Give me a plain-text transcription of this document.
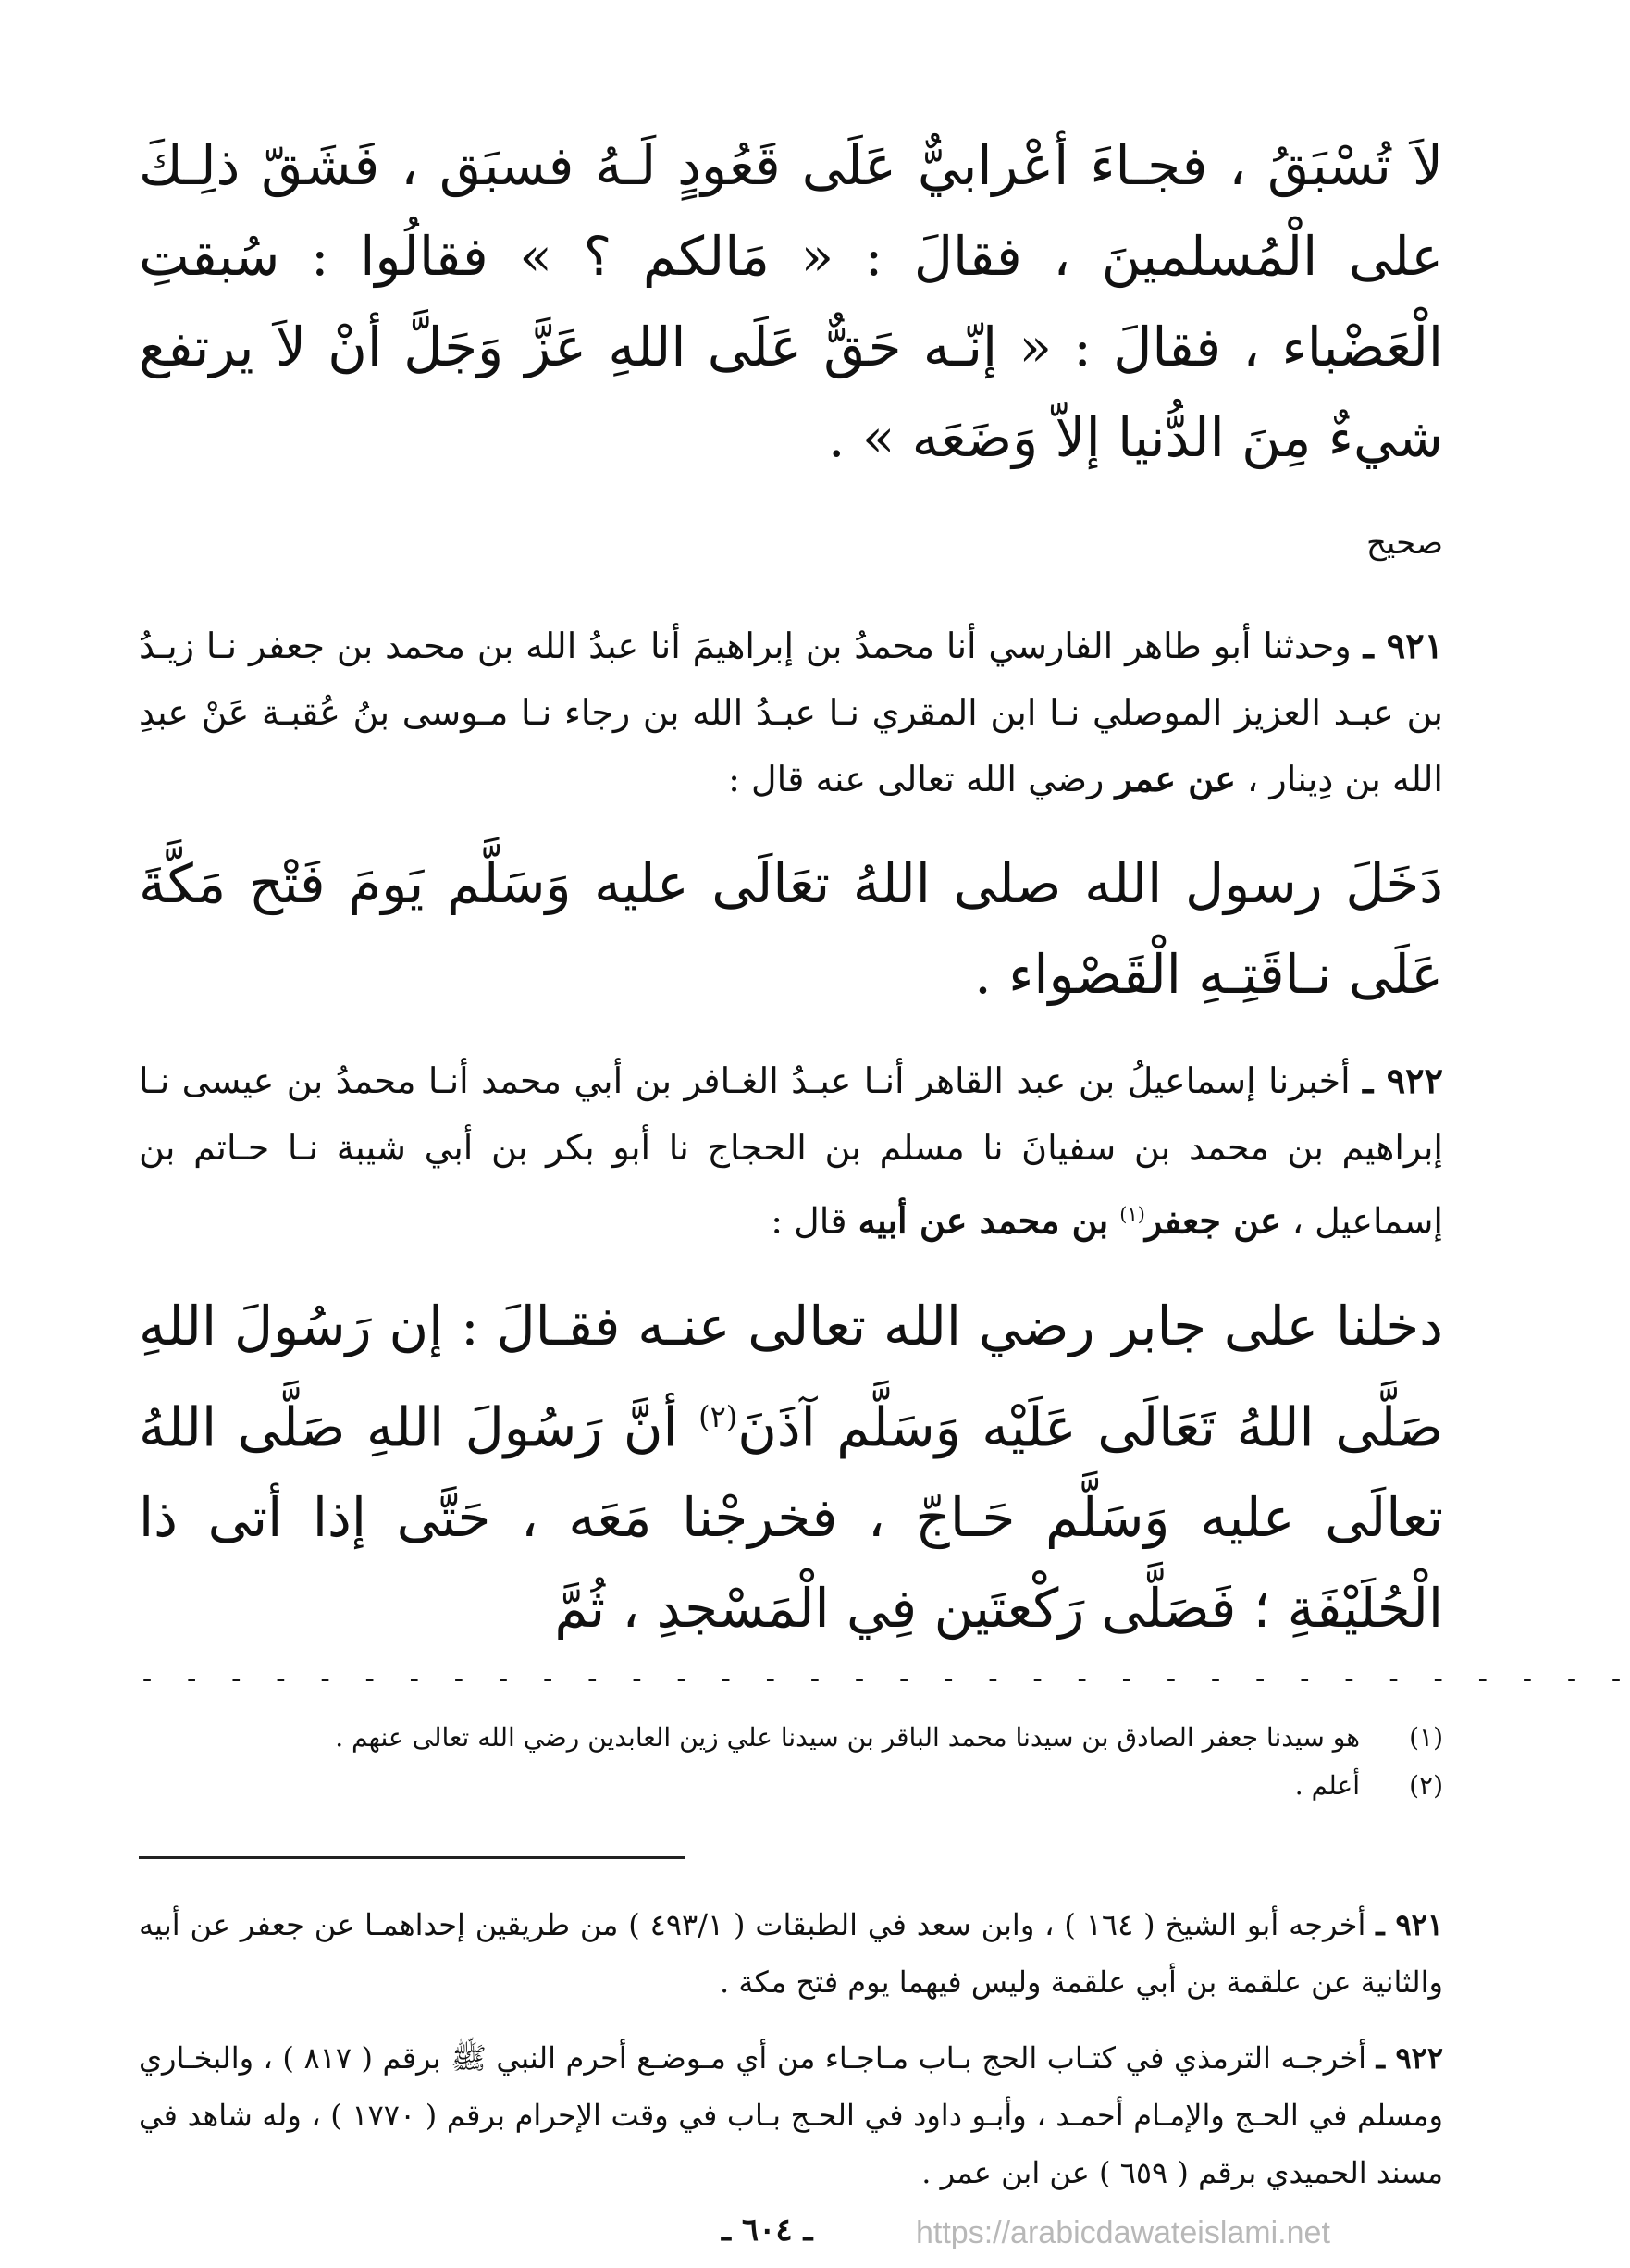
لاَ تُسْبَقُ ، فجـاءَ أعْرابيٌّ عَلَى قَعُودٍ لَـهُ فسبَق ، فَشَقّ ذلِـكَ على الْمُسلمينَ ، فقالَ : « مَالكم ؟ » فقالُوا : سُبقتِ الْعَضْباء ، فقالَ : « إنّـه حَقٌّ عَلَى اللهِ عَزَّ وَجَلَّ أنْ لاَ يرتفع شيءٌ مِنَ الدُّنيا إلاّ وَضَعَه » .

صحيح

٩٢١ ـ وحدثنا أبو طاهر الفارسي أنا محمدُ بن إبراهيمَ أنا عبدُ الله بن محمد بن جعفر نـا زيـدُ بن عبـد العزيز الموصلي نـا ابن المقري نـا عبـدُ الله بن رجاء نـا مـوسى بنُ عُقبـة عَنْ عبدِ الله بن دِينار ، عن عمر رضي الله تعالى عنه قال :

دَخَلَ رسول الله صلى اللهُ تعَالَى عليه وَسَلَّم يَومَ فَتْح مَكَّةَ عَلَى نـاقَتِـهِ الْقَصْواء .

٩٢٢ ـ أخبرنا إسماعيلُ بن عبد القاهر أنـا عبـدُ الغـافر بن أبي محمد أنـا محمدُ بن عيسى نـا إبراهيم بن محمد بن سفيانَ نا مسلم بن الحجاج نا أبو بكر بن أبي شيبة نـا حـاتم بن إسماعيل ، عن جعفر$^{(١)}$ بن محمد عن أبيه قال :

دخلنا على جابر رضي الله تعالى عنـه فقـالَ : إن رَسُولَ اللهِ صَلَّى اللهُ تَعَالَى عَلَيْه وَسَلَّم آذَنَ$^{(٢)}$ أنَّ رَسُولَ اللهِ صَلَّى اللهُ تعالَى عليه وَسَلَّم حَـاجّ ، فخرجْنا مَعَه ، حَتَّى إذا أتى ذا الْحُلَيْفَةِ ؛ فَصَلَّى رَكْعتَين فِي الْمَسْجدِ ، ثُمَّ

- - - - - - - - - - - - - - - - - - - - - - - - - - - - - - - - - -
(١)
هو سيدنا جعفر الصادق بن سيدنا محمد الباقر بن سيدنا علي زين العابدين رضي الله تعالى عنهم .
(٢)
أعلم .

٩٢١ ـ أخرجه أبو الشيخ ( ١٦٤ ) ، وابن سعد في الطبقات ( ٤٩٣/١ ) من طريقين إحداهمـا عن جعفر عن أبيه والثانية عن علقمة بن أبي علقمة وليس فيهما يوم فتح مكة .

٩٢٢ ـ أخرجـه الترمذي في كتـاب الحج بـاب مـاجـاء من أي مـوضـع أحرم النبي ﷺ برقم ( ٨١٧ ) ، والبخـاري ومسلم في الحـج والإمـام أحمـد ، وأبـو داود في الحـج بـاب في وقت الإحرام برقم ( ١٧٧٠ ) ، وله شاهد في مسند الحميدي برقم ( ٦٥٩ ) عن ابن عمر .

ـ ٦٠٤ ـ	https://arabicdawateislami.net
